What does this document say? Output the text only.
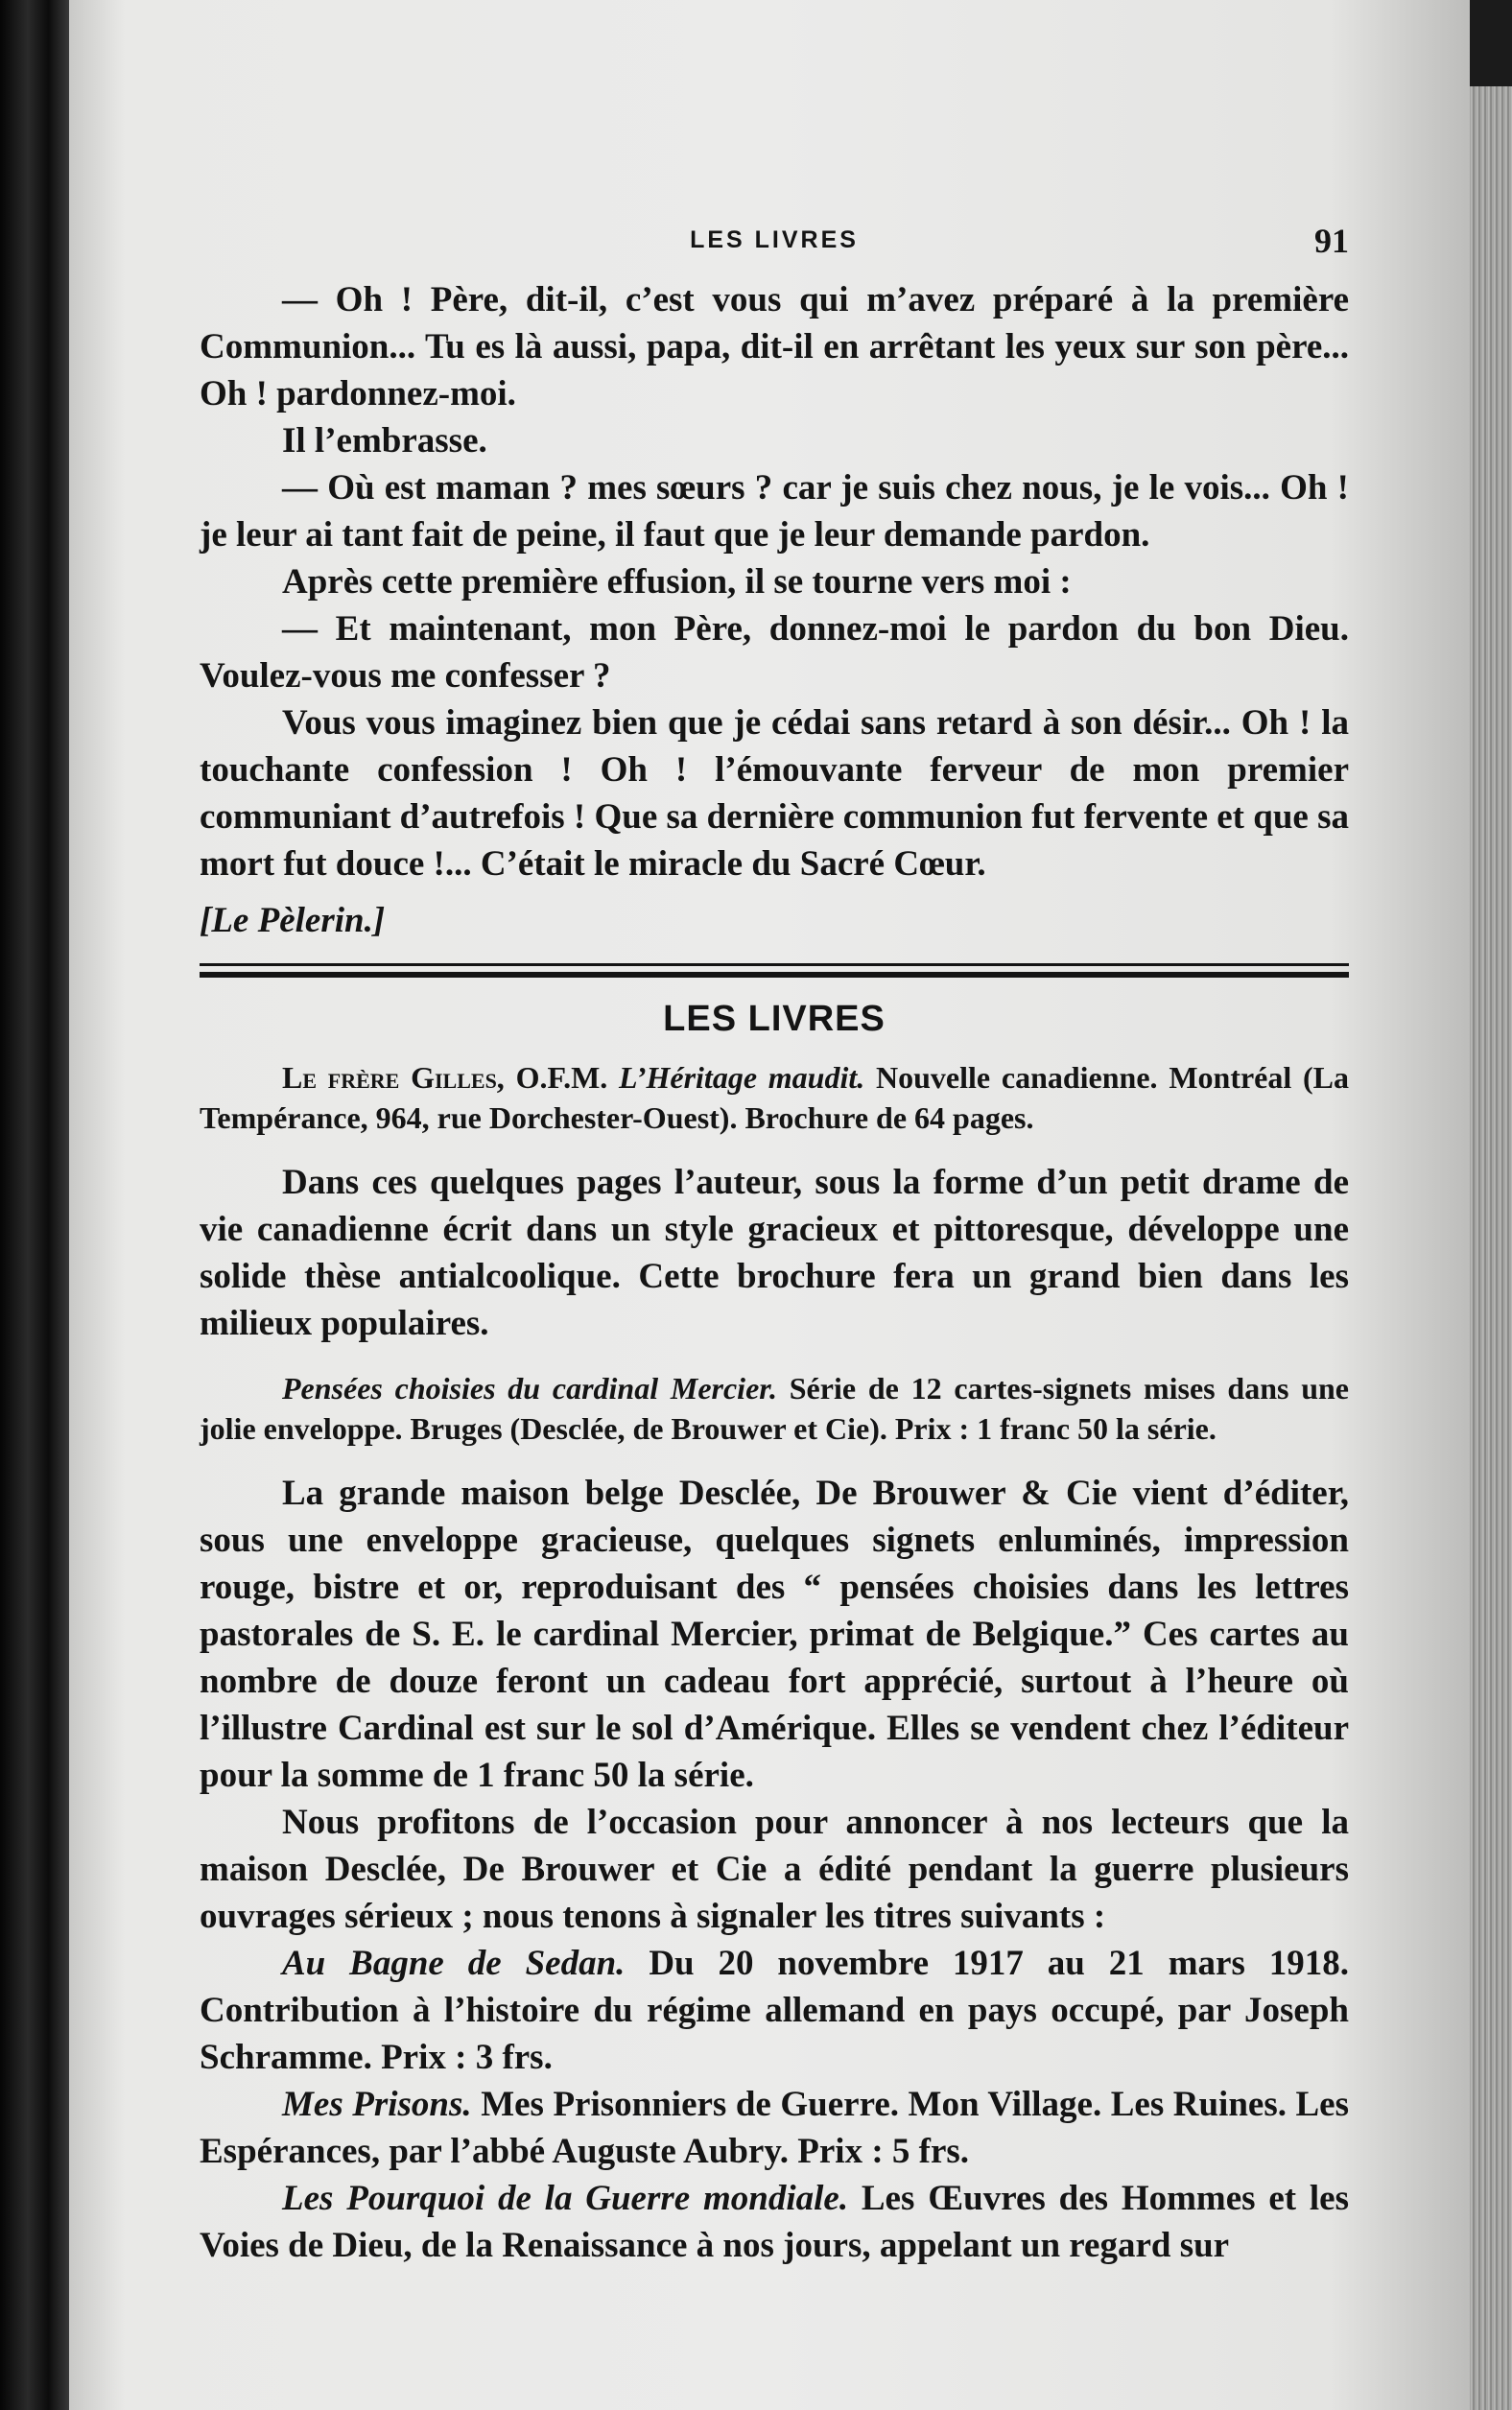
LES LIVRES	91

— Oh ! Père, dit-il, c’est vous qui m’avez préparé à la première Communion... Tu es là aussi, papa, dit-il en arrêtant les yeux sur son père... Oh ! pardonnez-moi.

Il l’embrasse.

— Où est maman ? mes sœurs ? car je suis chez nous, je le vois... Oh ! je leur ai tant fait de peine, il faut que je leur demande pardon.

Après cette première effusion, il se tourne vers moi :

— Et maintenant, mon Père, donnez-moi le pardon du bon Dieu. Voulez-vous me confesser ?

Vous vous imaginez bien que je cédai sans retard à son désir... Oh ! la touchante confession ! Oh ! l’émouvante ferveur de mon premier communiant d’autrefois ! Que sa dernière communion fut fervente et que sa mort fut douce !... C’était le miracle du Sacré Cœur.

[Le Pèlerin.]

LES LIVRES

Le frère Gilles, O.F.M. L’Héritage maudit. Nouvelle canadienne. Montréal (La Tempérance, 964, rue Dorchester-Ouest). Brochure de 64 pages.

Dans ces quelques pages l’auteur, sous la forme d’un petit drame de vie canadienne écrit dans un style gracieux et pittoresque, développe une solide thèse antialcoolique. Cette brochure fera un grand bien dans les milieux populaires.

Pensées choisies du cardinal Mercier. Série de 12 cartes-signets mises dans une jolie enveloppe. Bruges (Desclée, de Brouwer et Cie). Prix : 1 franc 50 la série.

La grande maison belge Desclée, De Brouwer & Cie vient d’éditer, sous une enveloppe gracieuse, quelques signets enluminés, impression rouge, bistre et or, reproduisant des “ pensées choisies dans les lettres pastorales de S. E. le cardinal Mercier, primat de Belgique.” Ces cartes au nombre de douze feront un cadeau fort apprécié, surtout à l’heure où l’illustre Cardinal est sur le sol d’Amérique. Elles se vendent chez l’éditeur pour la somme de 1 franc 50 la série.

Nous profitons de l’occasion pour annoncer à nos lecteurs que la maison Desclée, De Brouwer et Cie a édité pendant la guerre plusieurs ouvrages sérieux ; nous tenons à signaler les titres suivants :

Au Bagne de Sedan. Du 20 novembre 1917 au 21 mars 1918. Contribution à l’histoire du régime allemand en pays occupé, par Joseph Schramme. Prix : 3 frs.

Mes Prisons. Mes Prisonniers de Guerre. Mon Village. Les Ruines. Les Espérances, par l’abbé Auguste Aubry. Prix : 5 frs.

Les Pourquoi de la Guerre mondiale. Les Œuvres des Hommes et les Voies de Dieu, de la Renaissance à nos jours, appelant un regard sur
